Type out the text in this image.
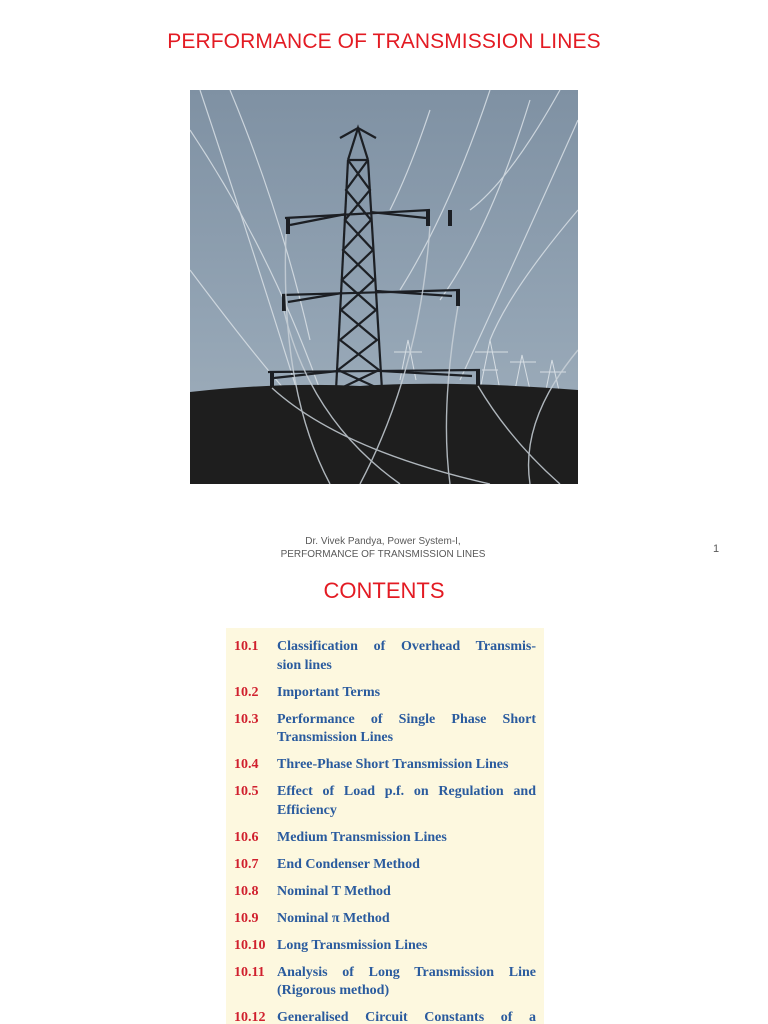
PERFORMANCE OF TRANSMISSION LINES
Dr. Vivek Pandya, Power System-I,
PERFORMANCE OF TRANSMISSION LINES	1
CONTENTS
10.1	Classification of Overhead Transmis-
sion lines
10.2	Important Terms
10.3	Performance of Single Phase Short
Transmission Lines
10.4	Three-Phase Short Transmission Lines
10.5	Effect of Load p.f. on Regulation and
Efficiency
10.6	Medium Transmission Lines
10.7	End Condenser Method
10.8	Nominal T Method
10.9	Nominal π Method
10.10 Long Transmission Lines
10.11 Analysis of Long Transmission Line
(Rigorous method)
10.12 Generalised Circuit Constants of a
